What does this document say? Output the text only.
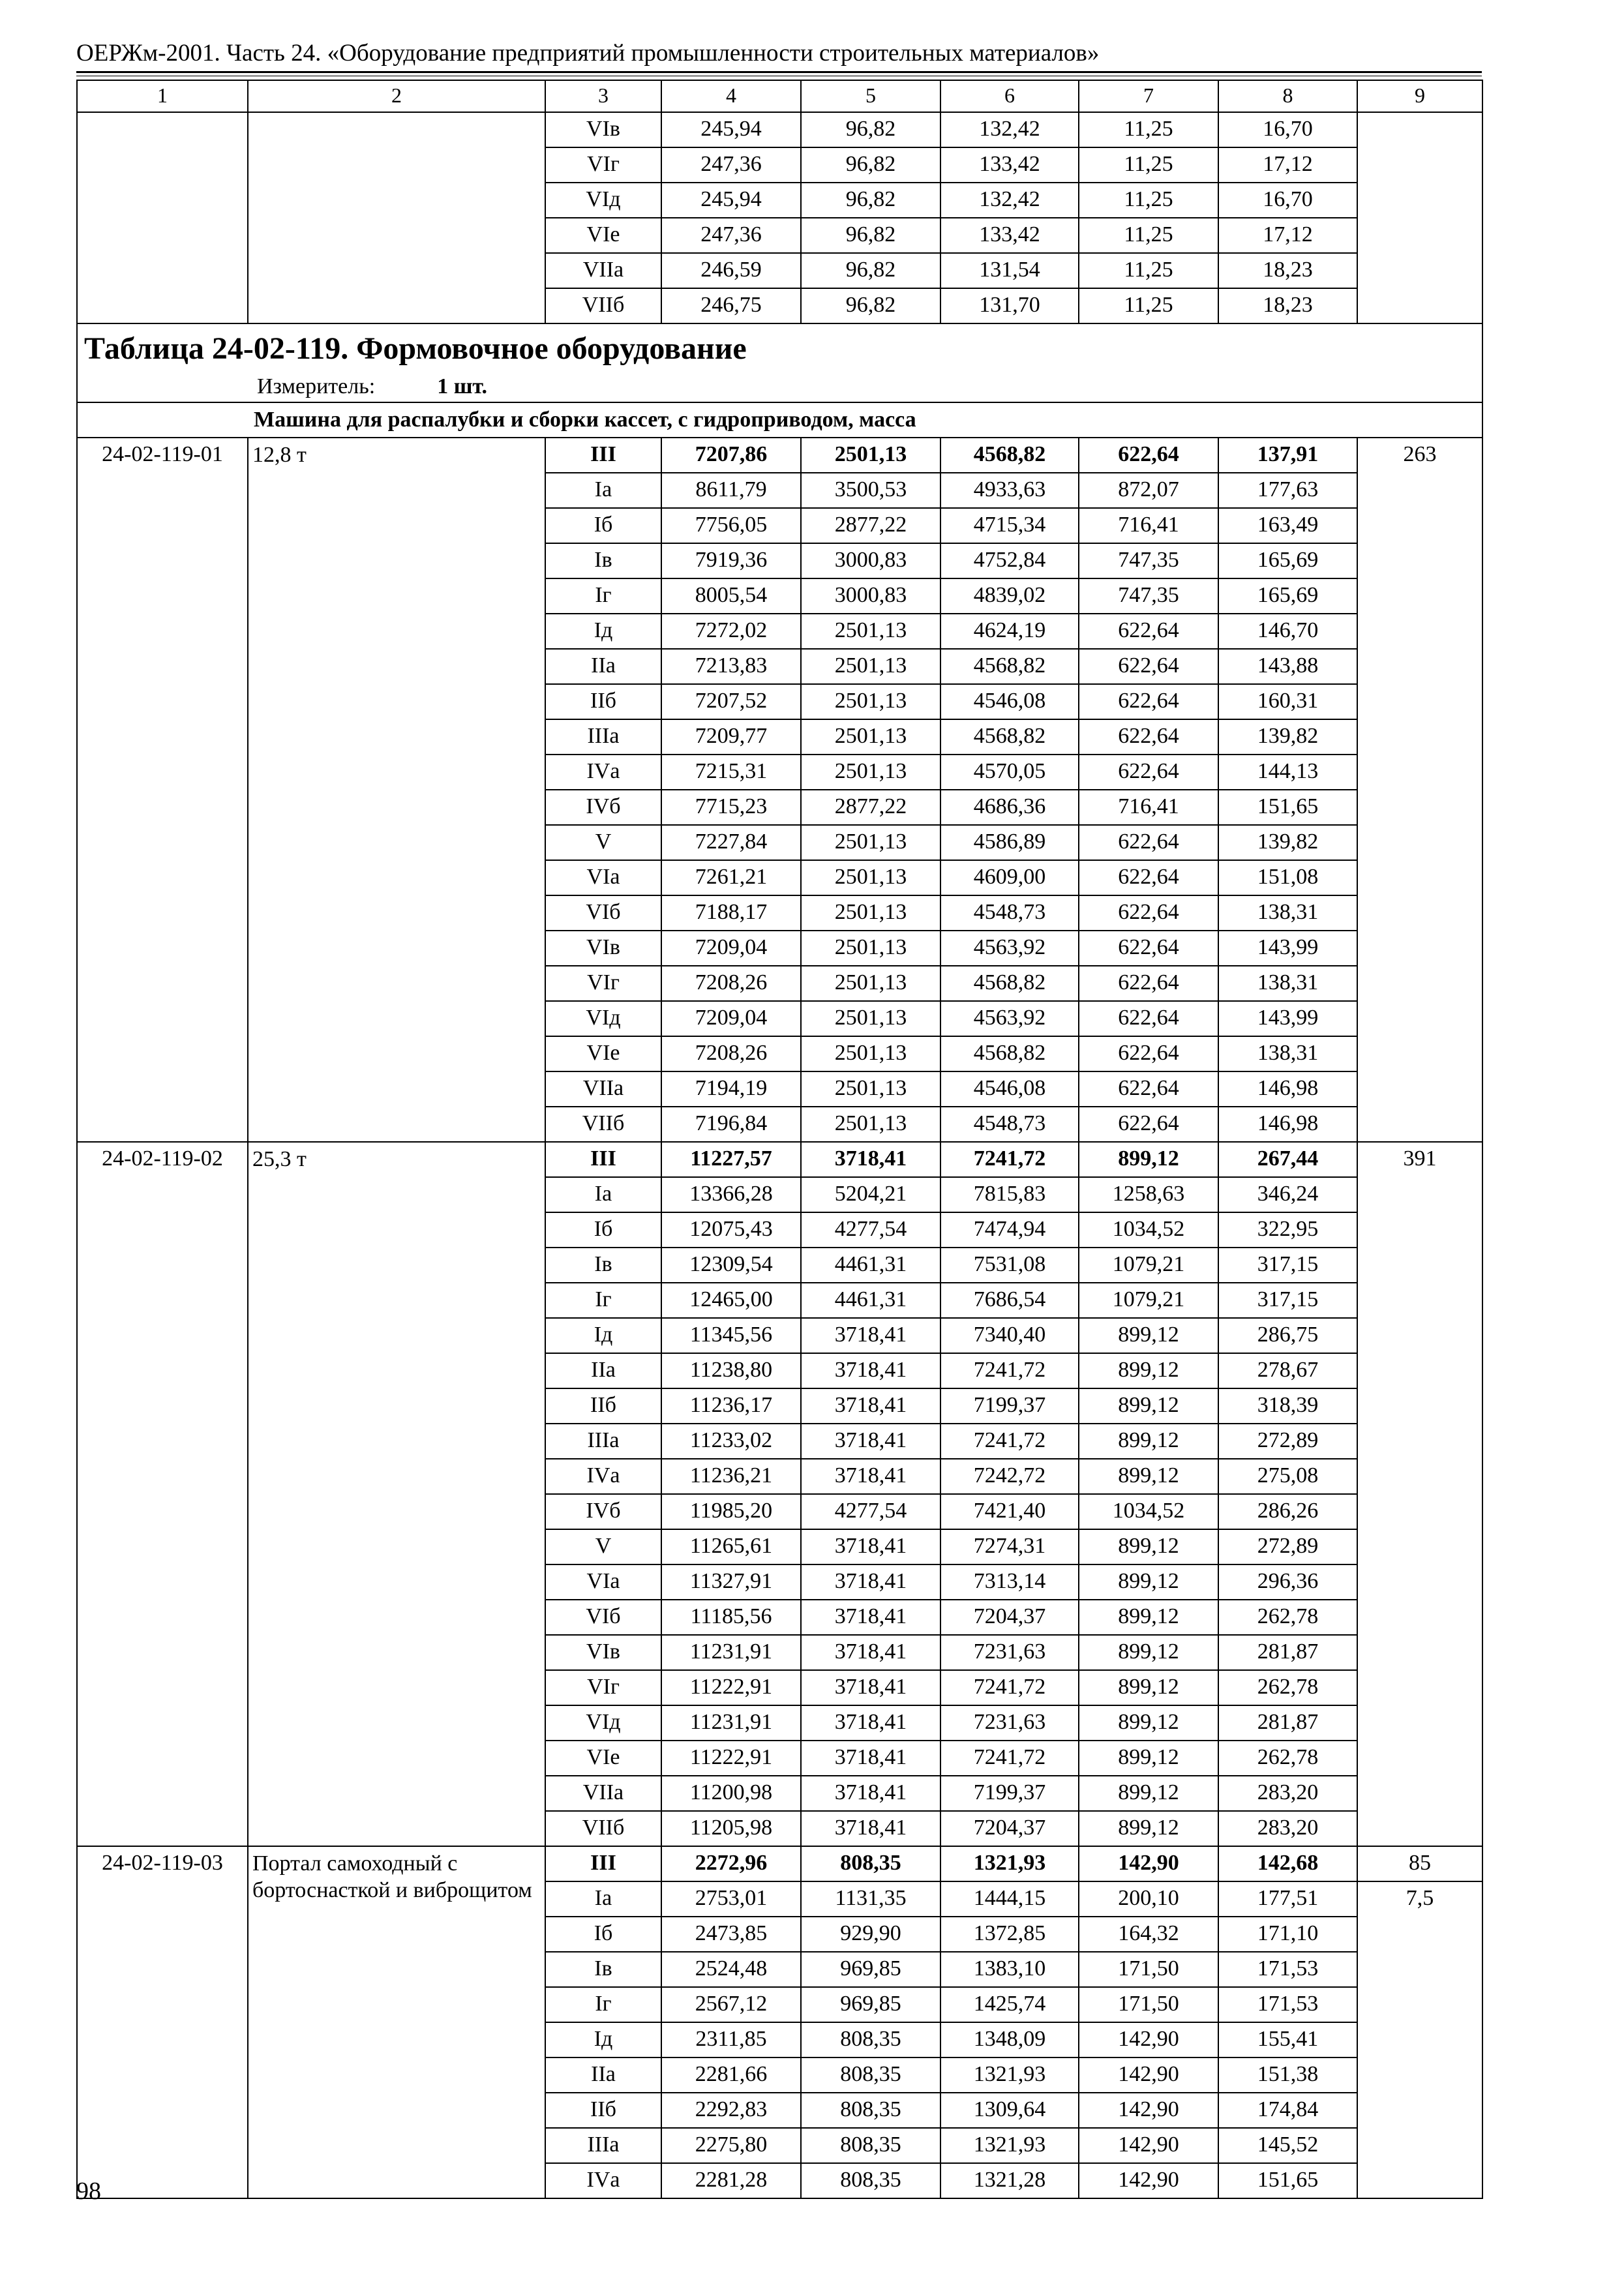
ОЕРЖм-2001. Часть 24. «Оборудование предприятий промышленности строительных материалов»
1	2	3	4	5	6	7	8	9
		VIв	245,94	96,82	132,42	11,25	16,70	
		VIг	247,36	96,82	133,42	11,25	17,12	
		VIд	245,94	96,82	132,42	11,25	16,70	
		VIе	247,36	96,82	133,42	11,25	17,12	
		VIIа	246,59	96,82	131,54	11,25	18,23	
		VIIб	246,75	96,82	131,70	11,25	18,23	

Таблица 24-02-119. Формовочное оборудование
Измеритель: 1 шт.								

Машина для распалубки и сборки кассет, с гидроприводом, масса								
24-02-119-01	12,8 т	III	7207,86	2501,13	4568,82	622,64	137,91	263
		Iа	8611,79	3500,53	4933,63	872,07	177,63	
		Iб	7756,05	2877,22	4715,34	716,41	163,49	
		Iв	7919,36	3000,83	4752,84	747,35	165,69	
		Iг	8005,54	3000,83	4839,02	747,35	165,69	
		Iд	7272,02	2501,13	4624,19	622,64	146,70	
		IIа	7213,83	2501,13	4568,82	622,64	143,88	
		IIб	7207,52	2501,13	4546,08	622,64	160,31	
		IIIа	7209,77	2501,13	4568,82	622,64	139,82	
		IVа	7215,31	2501,13	4570,05	622,64	144,13	
		IVб	7715,23	2877,22	4686,36	716,41	151,65	
		V	7227,84	2501,13	4586,89	622,64	139,82	
		VIа	7261,21	2501,13	4609,00	622,64	151,08	
		VIб	7188,17	2501,13	4548,73	622,64	138,31	
		VIв	7209,04	2501,13	4563,92	622,64	143,99	
		VIг	7208,26	2501,13	4568,82	622,64	138,31	
		VIд	7209,04	2501,13	4563,92	622,64	143,99	
		VIе	7208,26	2501,13	4568,82	622,64	138,31	
		VIIа	7194,19	2501,13	4546,08	622,64	146,98	
		VIIб	7196,84	2501,13	4548,73	622,64	146,98	
24-02-119-02	25,3 т	III	11227,57	3718,41	7241,72	899,12	267,44	391
		Iа	13366,28	5204,21	7815,83	1258,63	346,24	
		Iб	12075,43	4277,54	7474,94	1034,52	322,95	
		Iв	12309,54	4461,31	7531,08	1079,21	317,15	
		Iг	12465,00	4461,31	7686,54	1079,21	317,15	
		Iд	11345,56	3718,41	7340,40	899,12	286,75	
		IIа	11238,80	3718,41	7241,72	899,12	278,67	
		IIб	11236,17	3718,41	7199,37	899,12	318,39	
		IIIа	11233,02	3718,41	7241,72	899,12	272,89	
		IVа	11236,21	3718,41	7242,72	899,12	275,08	
		IVб	11985,20	4277,54	7421,40	1034,52	286,26	
		V	11265,61	3718,41	7274,31	899,12	272,89	
		VIа	11327,91	3718,41	7313,14	899,12	296,36	
		VIб	11185,56	3718,41	7204,37	899,12	262,78	
		VIв	11231,91	3718,41	7231,63	899,12	281,87	
		VIг	11222,91	3718,41	7241,72	899,12	262,78	
		VIд	11231,91	3718,41	7231,63	899,12	281,87	
		VIе	11222,91	3718,41	7241,72	899,12	262,78	
		VIIа	11200,98	3718,41	7199,37	899,12	283,20	
		VIIб	11205,98	3718,41	7204,37	899,12	283,20	
24-02-119-03	Портал самоходный с бортоснасткой и виброщитом	III	2272,96	808,35	1321,93	142,90	142,68	85
		Iа	2753,01	1131,35	1444,15	200,10	177,51	7,5
		Iб	2473,85	929,90	1372,85	164,32	171,10	
		Iв	2524,48	969,85	1383,10	171,50	171,53	
		Iг	2567,12	969,85	1425,74	171,50	171,53	
		Iд	2311,85	808,35	1348,09	142,90	155,41	
		IIа	2281,66	808,35	1321,93	142,90	151,38	
		IIб	2292,83	808,35	1309,64	142,90	174,84	
		IIIа	2275,80	808,35	1321,93	142,90	145,52	
		IVа	2281,28	808,35	1321,28	142,90	151,65	
98
